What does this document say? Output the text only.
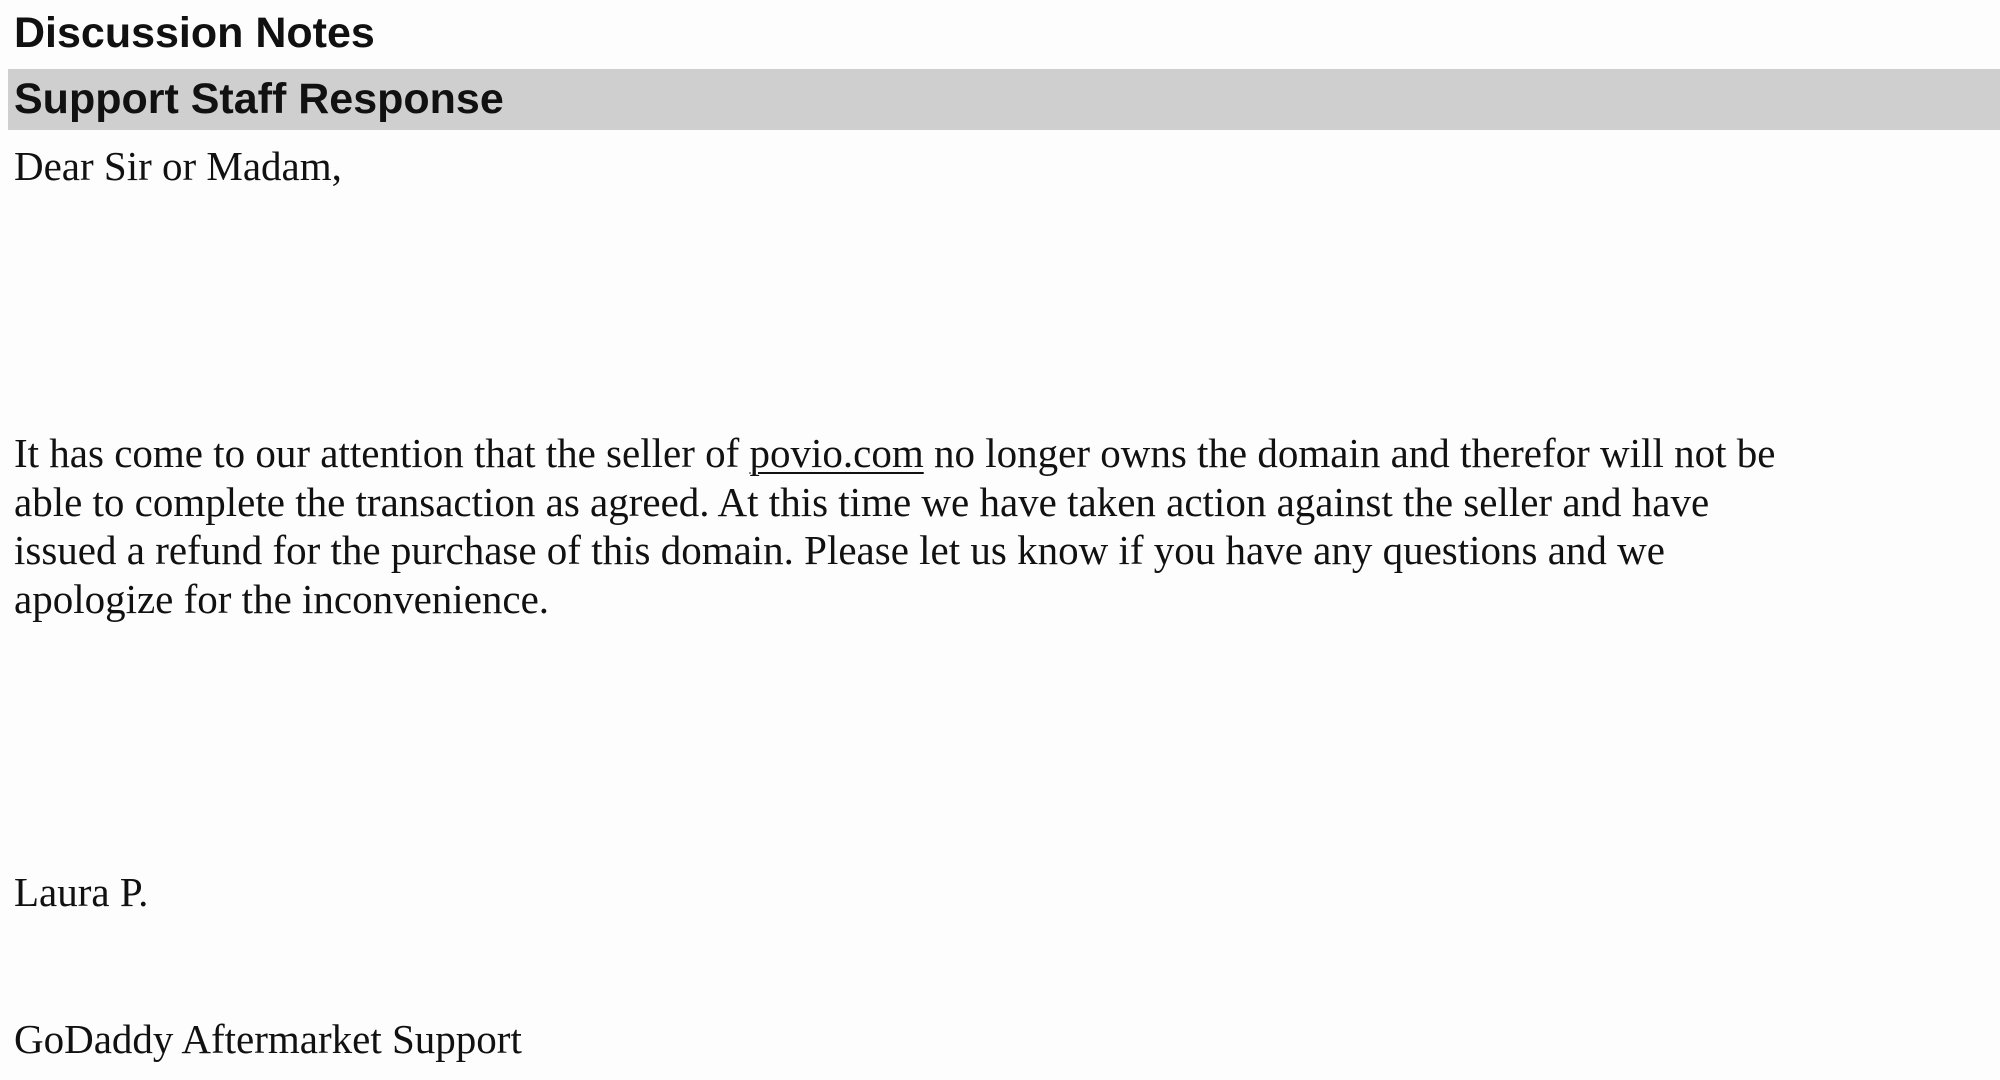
Discussion Notes
Support Staff Response
Dear Sir or Madam,
It has come to our attention that the seller of povio.com no longer owns the domain and therefor will not be
able to complete the transaction as agreed. At this time we have taken action against the seller and have
issued a refund for the purchase of this domain. Please let us know if you have any questions and we
apologize for the inconvenience.
Laura P.
GoDaddy Aftermarket Support
